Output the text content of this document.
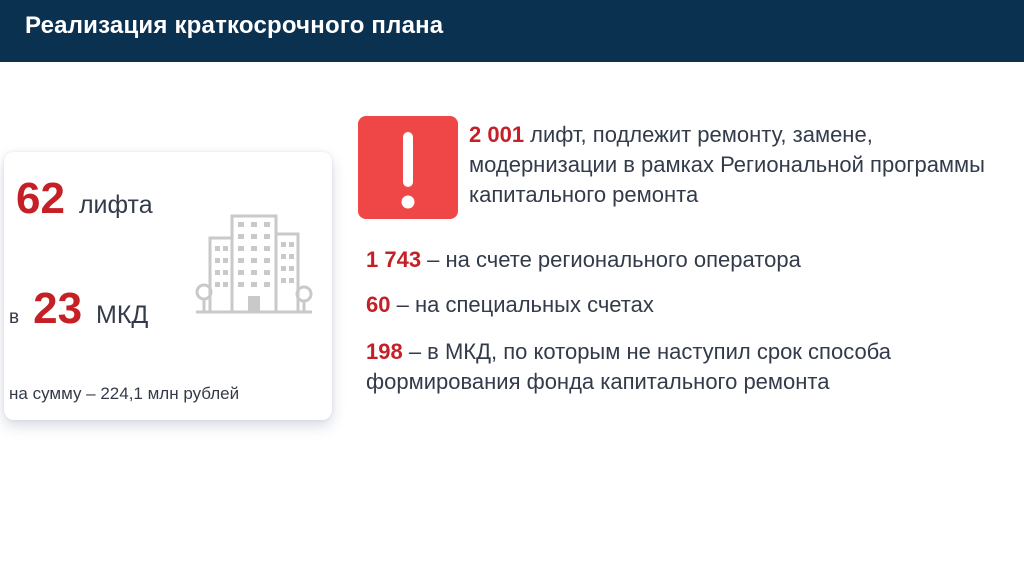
Реализация краткосрочного плана
62 лифта
в 23 МКД
на сумму – 224,1 млн рублей
2 001 лифт, подлежит ремонту, замене, модернизации в рамках Региональной программы капитального ремонта
1 743 – на счете регионального оператора
60 – на специальных счетах
198 – в МКД, по которым не наступил срок способа формирования фонда капитального ремонта
